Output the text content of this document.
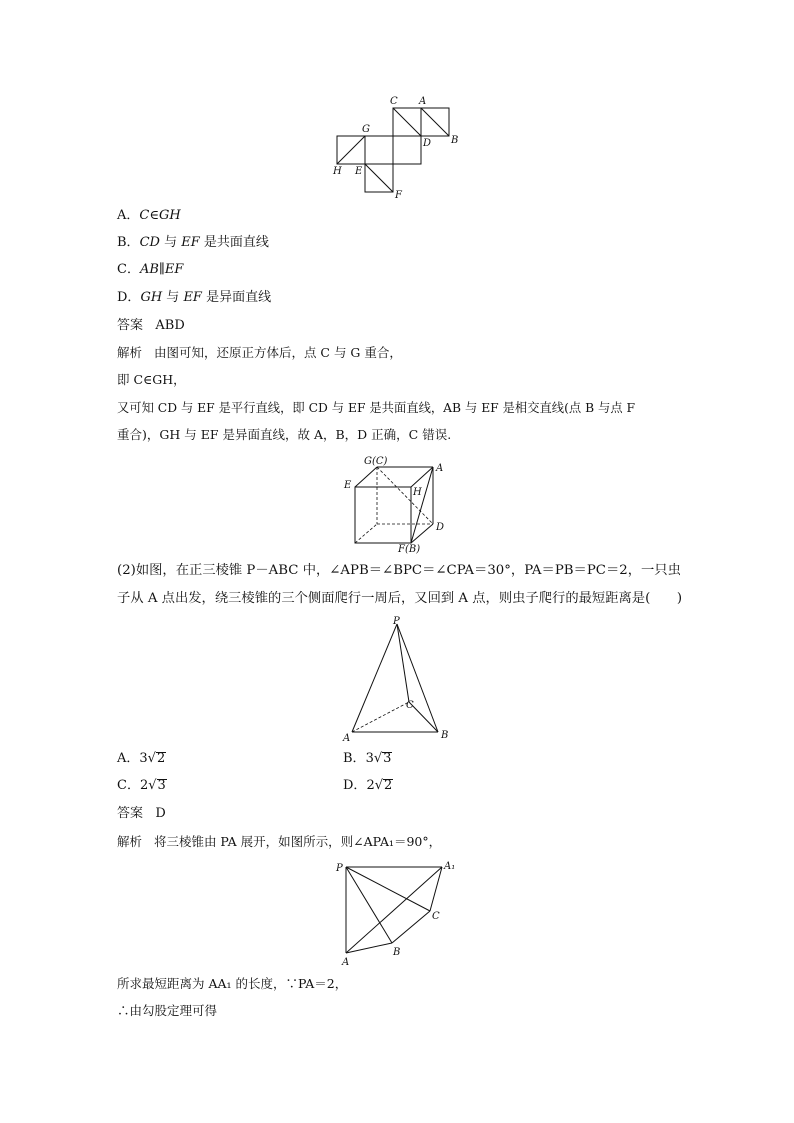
C A
G
B
D
H E
F
A．C∈GH
B．CD 与 EF 是共面直线
C．AB∥EF
D．GH 与 EF 是异面直线
答案 ABD
解析 由图可知，还原正方体后，点 C 与 G 重合，
即 C∈GH，
又可知 CD 与 EF 是平行直线，即 CD 与 EF 是共面直线，AB 与 EF 是相交直线(点 B 与点 F
重合)，GH 与 EF 是异面直线，故 A，B，D 正确，C 错误.
G(C)
A
E
H
D
F(B)
(2)如图，在正三棱锥 P－ABC 中，∠APB＝∠BPC＝∠CPA＝30°，PA＝PB＝PC＝2，一只虫
子从 A 点出发，绕三棱锥的三个侧面爬行一周后，又回到 A 点，则虫子爬行的最短距离是(　　)
P
A	B
C
A．3√2	B．3√3
C．2√3	D．2√2
答案 D
解析 将三棱锥由 PA 展开，如图所示，则∠APA₁＝90°，
P	A₁
C
A
B
所求最短距离为 AA₁ 的长度，∵PA＝2，
∴由勾股定理可得
